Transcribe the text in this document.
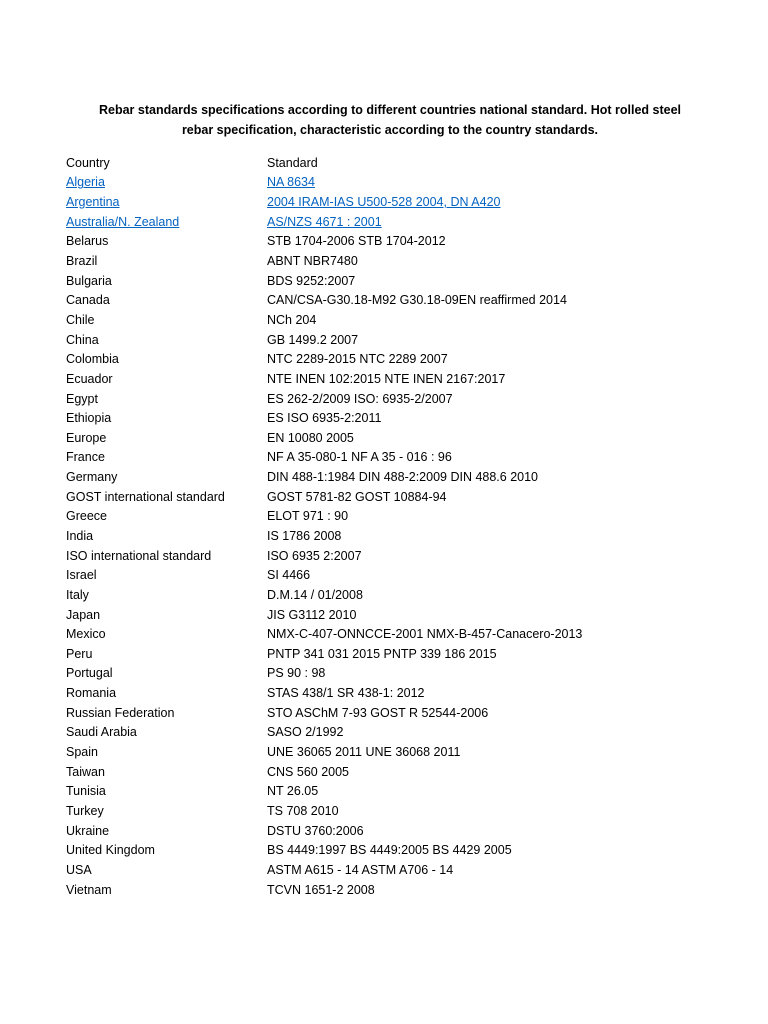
Rebar standards specifications according to different countries national standard. Hot rolled steel
rebar specification, characteristic according to the country standards.
Country	Standard
Algeria	NA 8634
Argentina	2004 IRAM-IAS U500-528 2004, DN A420
Australia/N. Zealand	AS/NZS 4671 : 2001
Belarus	STB 1704-2006 STB 1704-2012
Brazil	ABNT NBR7480
Bulgaria	BDS 9252:2007
Canada	CAN/CSA-G30.18-M92 G30.18-09EN reaffirmed 2014
Chile	NCh 204
China	GB 1499.2 2007
Colombia	NTC 2289-2015 NTC 2289 2007
Ecuador	NTE INEN 102:2015 NTE INEN 2167:2017
Egypt	ES 262-2/2009 ISO: 6935-2/2007
Ethiopia	ES ISO 6935-2:2011
Europe	EN 10080 2005
France	NF A 35-080-1 NF A 35 - 016 : 96
Germany	DIN 488-1:1984 DIN 488-2:2009 DIN 488.6 2010
GOST international standard	GOST 5781-82 GOST 10884-94
Greece	ELOT 971 : 90
India	IS 1786 2008
ISO international standard	ISO 6935 2:2007
Israel	SI 4466
Italy	D.M.14 / 01/2008
Japan	JIS G3112 2010
Mexico	NMX-C-407-ONNCCE-2001 NMX-B-457-Canacero-2013
Peru	PNTP 341 031 2015 PNTP 339 186 2015
Portugal	PS 90 : 98
Romania	STAS 438/1 SR 438-1: 2012
Russian Federation	STO ASChM 7-93 GOST R 52544-2006
Saudi Arabia	SASO 2/1992
Spain	UNE 36065 2011 UNE 36068 2011
Taiwan	CNS 560 2005
Tunisia	NT 26.05
Turkey	TS 708 2010
Ukraine	DSTU 3760:2006
United Kingdom	BS 4449:1997 BS 4449:2005 BS 4429 2005
USA	ASTM A615 - 14 ASTM A706 - 14
Vietnam	TCVN 1651-2 2008
